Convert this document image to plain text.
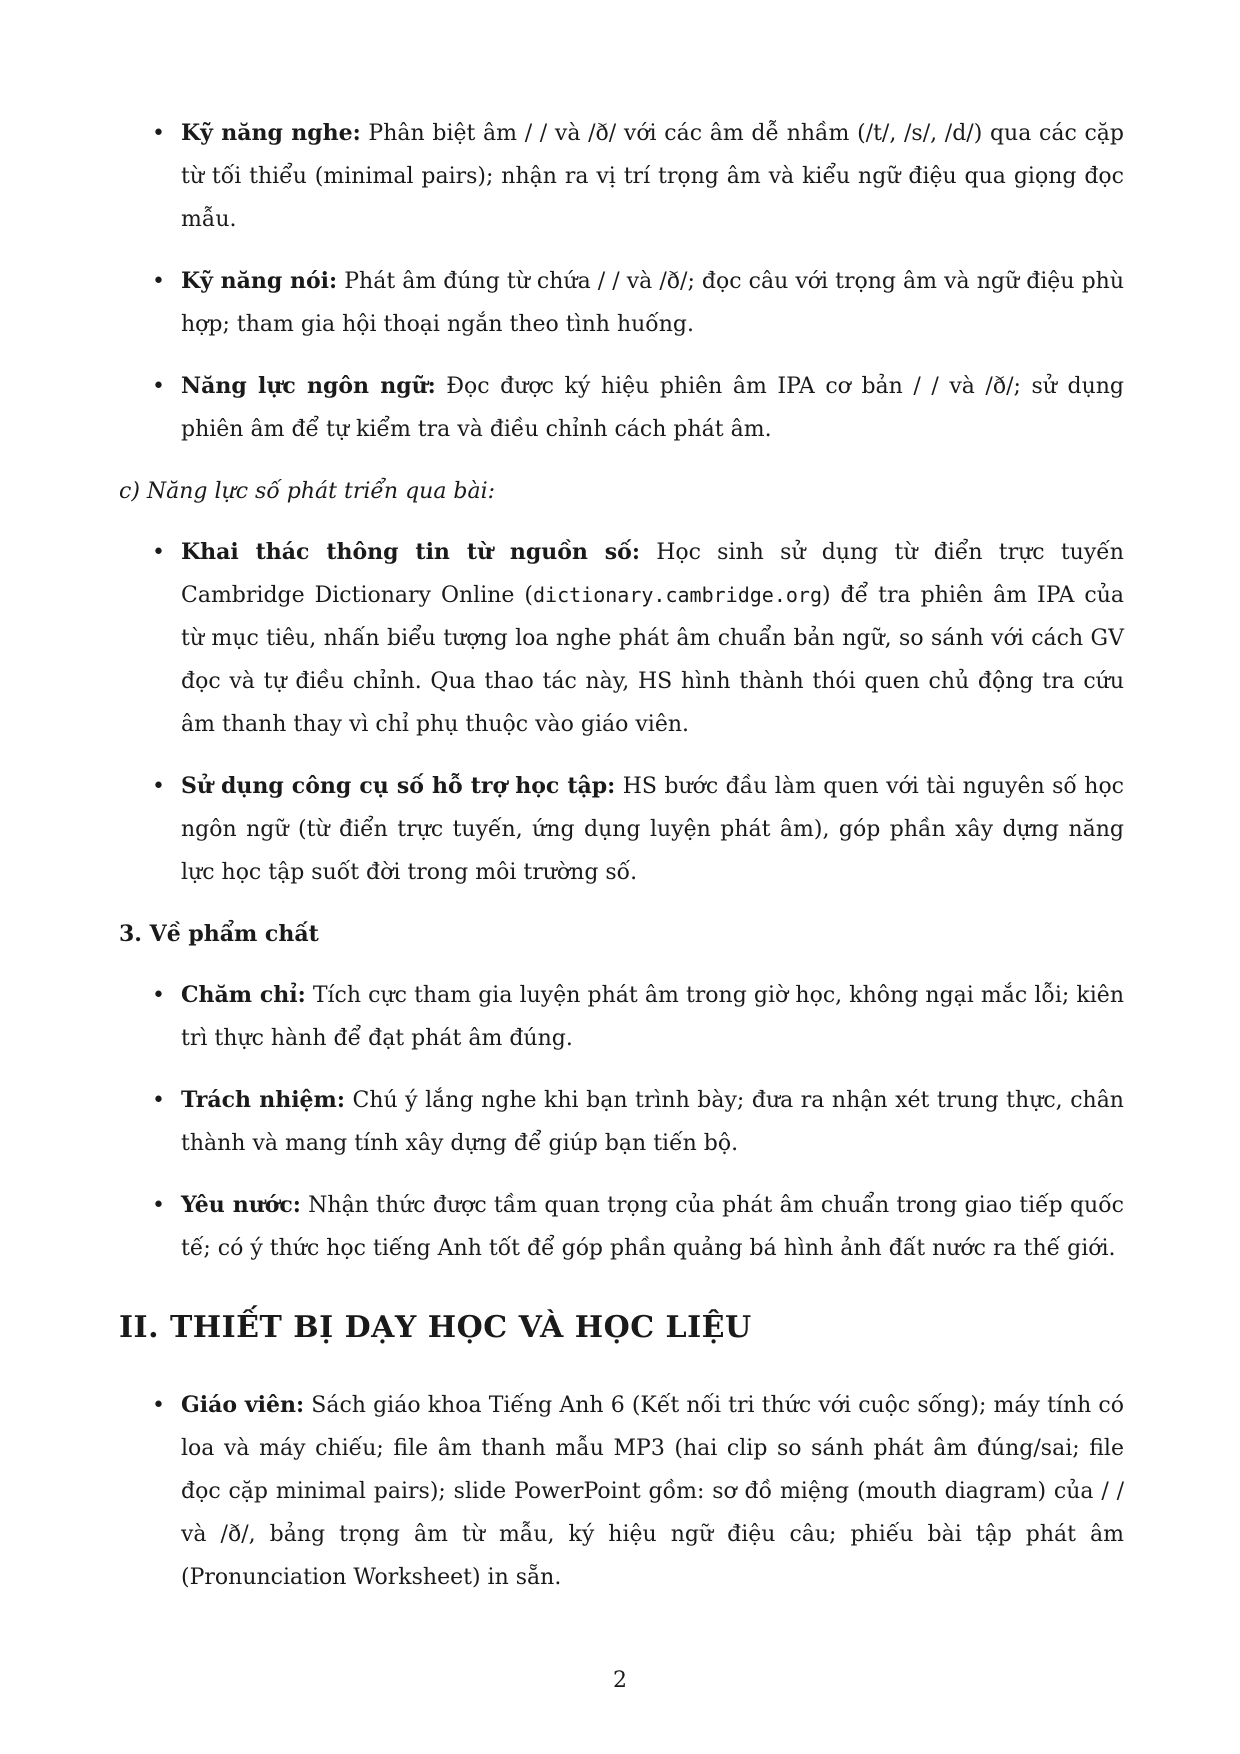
• Kỹ năng nghe: Phân biệt âm / / và /ð/ với các âm dễ nhầm (/t/, /s/, /d/) qua các cặp từ tối thiểu (minimal pairs); nhận ra vị trí trọng âm và kiểu ngữ điệu qua giọng đọc mẫu.
• Kỹ năng nói: Phát âm đúng từ chứa / / và /ð/; đọc câu với trọng âm và ngữ điệu phù hợp; tham gia hội thoại ngắn theo tình huống.
• Năng lực ngôn ngữ: Đọc được ký hiệu phiên âm IPA cơ bản / / và /ð/; sử dụng phiên âm để tự kiểm tra và điều chỉnh cách phát âm.
c) Năng lực số phát triển qua bài:
• Khai thác thông tin từ nguồn số: Học sinh sử dụng từ điển trực tuyến Cambridge Dictionary Online (dictionary.cambridge.org) để tra phiên âm IPA của từ mục tiêu, nhấn biểu tượng loa nghe phát âm chuẩn bản ngữ, so sánh với cách GV đọc và tự điều chỉnh. Qua thao tác này, HS hình thành thói quen chủ động tra cứu âm thanh thay vì chỉ phụ thuộc vào giáo viên.
• Sử dụng công cụ số hỗ trợ học tập: HS bước đầu làm quen với tài nguyên số học ngôn ngữ (từ điển trực tuyến, ứng dụng luyện phát âm), góp phần xây dựng năng lực học tập suốt đời trong môi trường số.
3. Về phẩm chất
• Chăm chỉ: Tích cực tham gia luyện phát âm trong giờ học, không ngại mắc lỗi; kiên trì thực hành để đạt phát âm đúng.
• Trách nhiệm: Chú ý lắng nghe khi bạn trình bày; đưa ra nhận xét trung thực, chân thành và mang tính xây dựng để giúp bạn tiến bộ.
• Yêu nước: Nhận thức được tầm quan trọng của phát âm chuẩn trong giao tiếp quốc tế; có ý thức học tiếng Anh tốt để góp phần quảng bá hình ảnh đất nước ra thế giới.
II. THIẾT BỊ DẠY HỌC VÀ HỌC LIỆU
• Giáo viên: Sách giáo khoa Tiếng Anh 6 (Kết nối tri thức với cuộc sống); máy tính có loa và máy chiếu; file âm thanh mẫu MP3 (hai clip so sánh phát âm đúng/sai; file đọc cặp minimal pairs); slide PowerPoint gồm: sơ đồ miệng (mouth diagram) của / / và /ð/, bảng trọng âm từ mẫu, ký hiệu ngữ điệu câu; phiếu bài tập phát âm (Pronunciation Worksheet) in sẵn.
2
